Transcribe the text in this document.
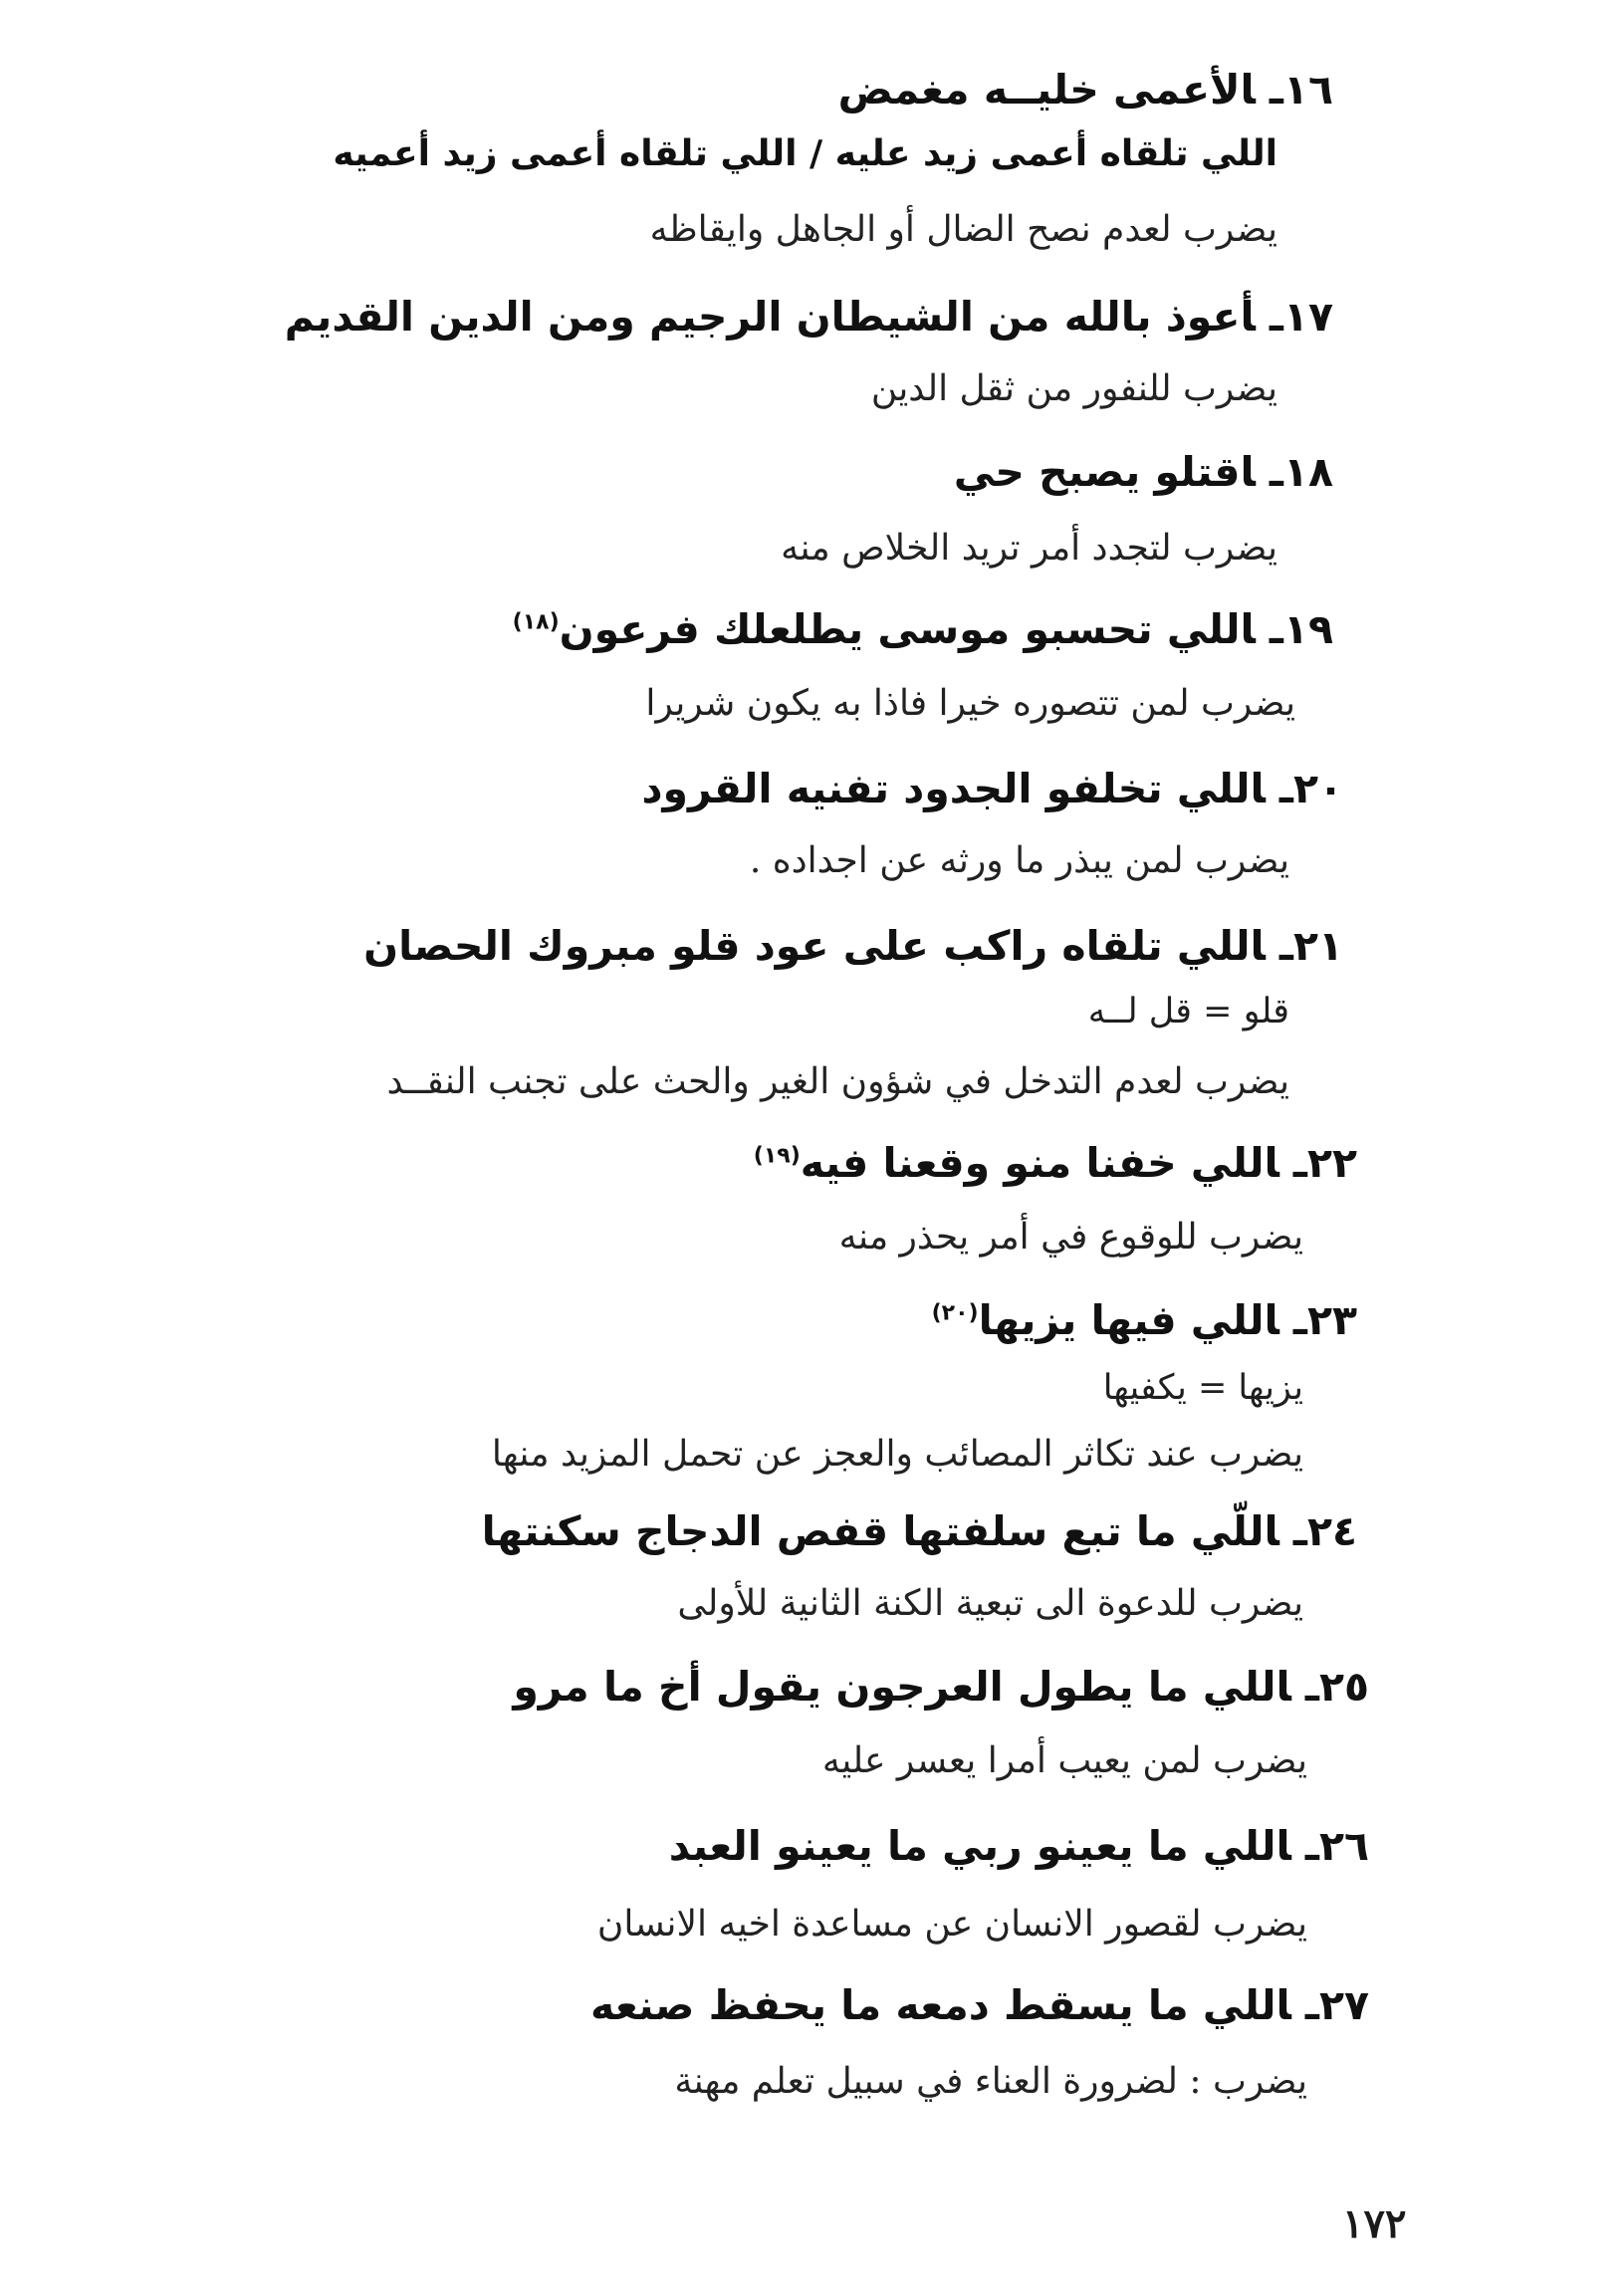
١٦ـالأعمى خليــه مغمض
اللي تلقاه أعمى زيد عليه / اللي تلقاه أعمى زيد أعميه
يضرب لعدم نصح الضال أو الجاهل وايقاظه
١٧ـأعوذ بالله من الشيطان الرجيم ومن الدين القديم
يضرب للنفور من ثقل الدين
١٨ـاقتلو يصبح حي
يضرب لتجدد أمر تريد الخلاص منه
١٩ـاللي تحسبو موسى يطلعلك فرعون$^{(١٨)}$
يضرب لمن تتصوره خيرا فاذا به يكون شريرا
٢٠ـاللي تخلفو الجدود تفنيه القرود
يضرب لمن يبذر ما ورثه عن اجداده .
٢١ـاللي تلقاه راكب على عود قلو مبروك الحصان
قلو = قل لــه
يضرب لعدم التدخل في شؤون الغير والحث على تجنب النقــد
٢٢ـاللي خفنا منو وقعنا فيه$^{(١٩)}$
يضرب للوقوع في أمر يحذر منه
٢٣ـاللي فيها يزيها$^{(٢٠)}$
يزيها = يكفيها
يضرب عند تكاثر المصائب والعجز عن تحمل المزيد منها
٢٤ـاللّي ما تبع سلفتها قفص الدجاج سكنتها
يضرب للدعوة الى تبعية الكنة الثانية للأولى
٢٥ـاللي ما يطول العرجون يقول أخ ما مرو
يضرب لمن يعيب أمرا يعسر عليه
٢٦ـاللي ما يعينو ربي ما يعينو العبد
يضرب لقصور الانسان عن مساعدة اخيه الانسان
٢٧ـاللي ما يسقط دمعه ما يحفظ صنعه
يضرب : لضرورة العناء في سبيل تعلم مهنة
١٧٢
